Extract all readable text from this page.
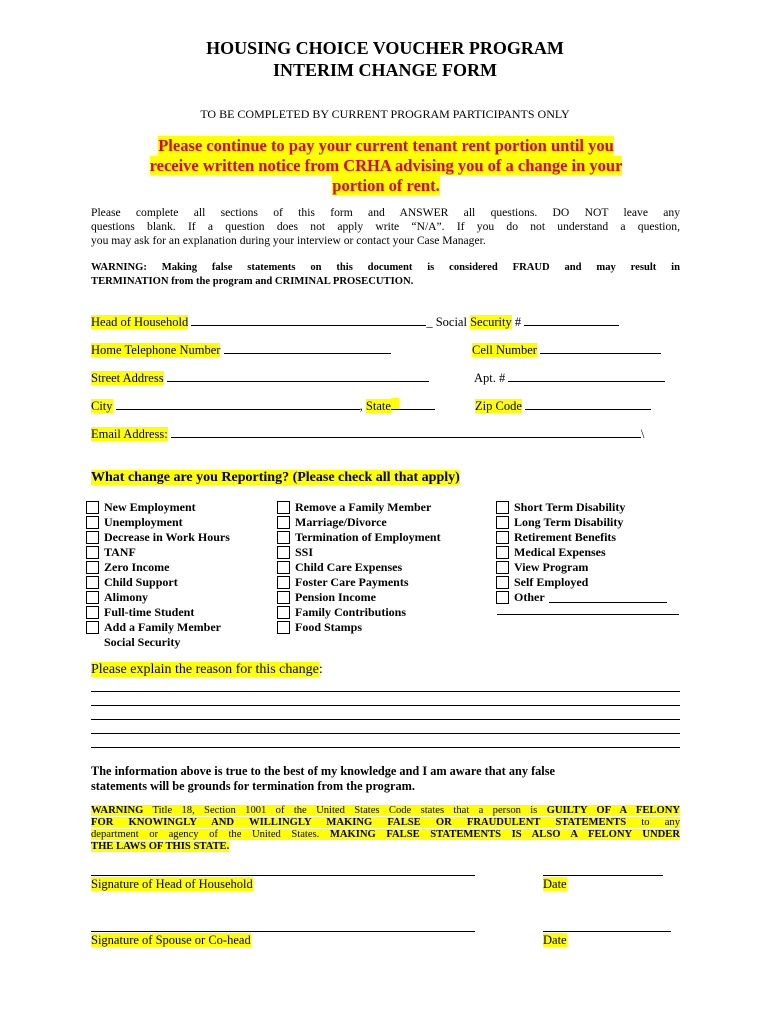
HOUSING CHOICE VOUCHER PROGRAM
INTERIM CHANGE FORM
TO BE COMPLETED BY CURRENT PROGRAM PARTICIPANTS ONLY
Please continue to pay your current tenant rent portion until you
receive written notice from CRHA advising you of a change in your
portion of rent.
Please complete all sections of this form and ANSWER all questions. DO NOT leave any
questions blank. If a question does not apply write “N/A”. If you do not understand a question,
you may ask for an explanation during your interview or contact your Case Manager.
WARNING: Making false statements on this document is considered FRAUD and may result in
TERMINATION from the program and CRIMINAL PROSECUTION.
Head of Household	_ Social Security #
Home Telephone Number	Cell Number
Street Address	Apt. #
City	, State	Zip Code
Email Address:	\
What change are you Reporting? (Please check all that apply)
New Employment
Unemployment
Decrease in Work Hours
TANF
Zero Income
Child Support
Alimony
Full-time Student
Add a Family Member
Social Security
Remove a Family Member
Marriage/Divorce
Termination of Employment
SSI
Child Care Expenses
Foster Care Payments
Pension Income
Family Contributions
Food Stamps
Short Term Disability
Long Term Disability
Retirement Benefits
Medical Expenses
View Program
Self Employed
Other
Please explain the reason for this change:
The information above is true to the best of my knowledge and I am aware that any false
statements will be grounds for termination from the program.
WARNING Title 18, Section 1001 of the United States Code states that a person is GUILTY OF A FELONY
FOR KNOWINGLY AND WILLINGLY MAKING FALSE OR FRAUDULENT STATEMENTS to any
department or agency of the United States. MAKING FALSE STATEMENTS IS ALSO A FELONY UNDER
THE LAWS OF THIS STATE.
Signature of Head of Household	Date
Signature of Spouse or Co-head	Date
